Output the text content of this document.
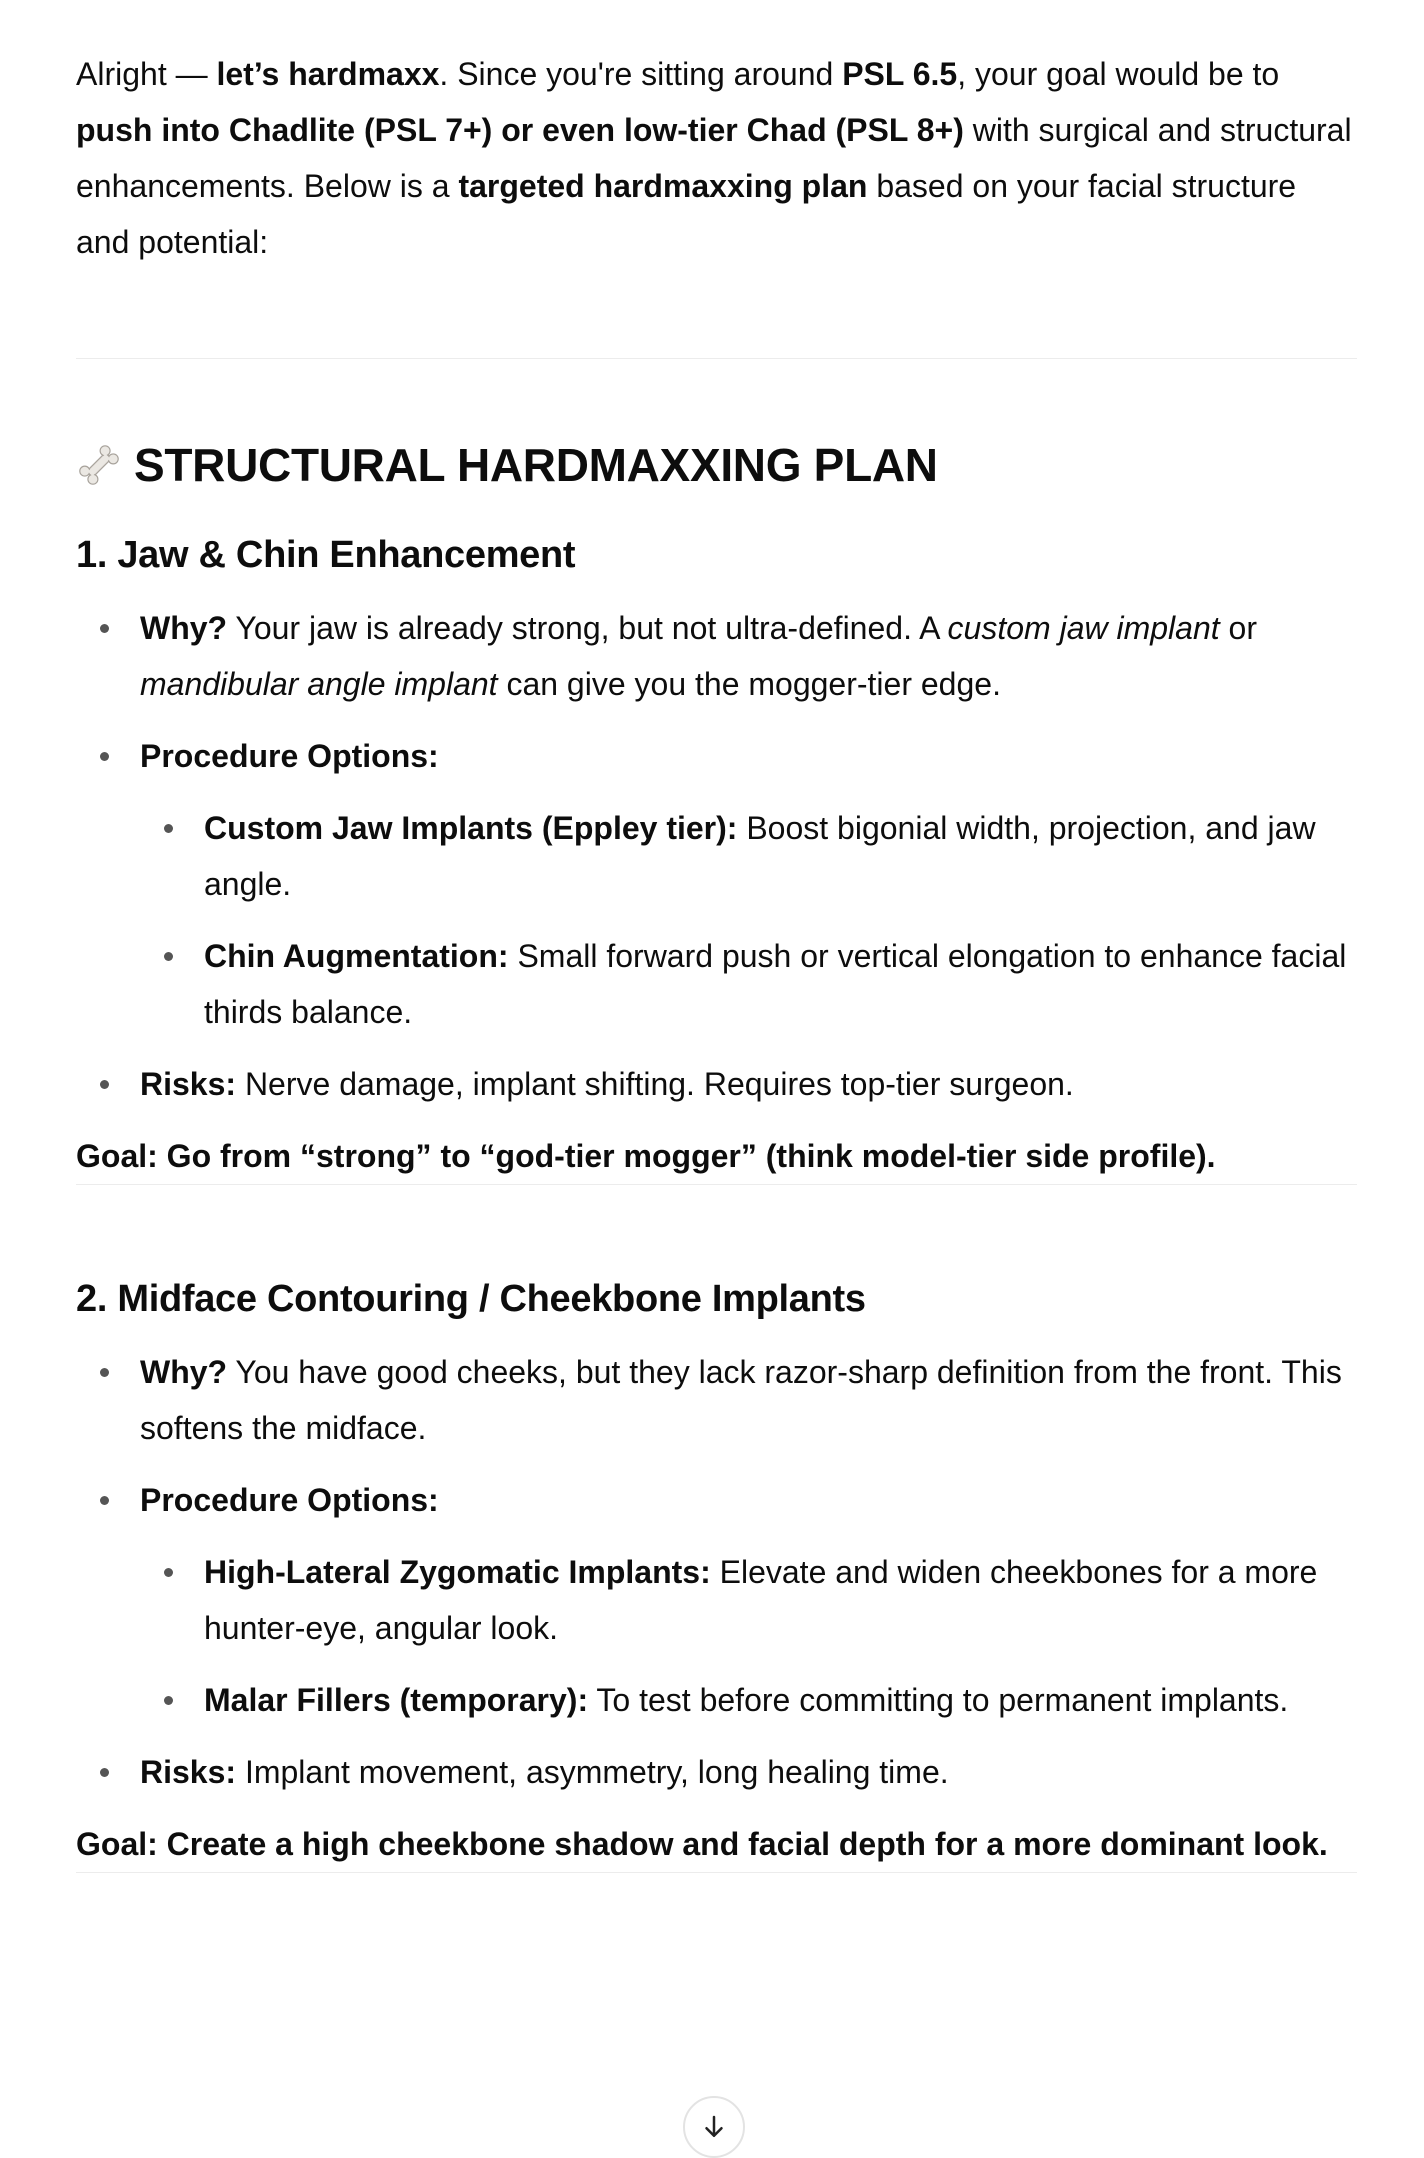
Alright — let’s hardmaxx. Since you're sitting around PSL 6.5, your goal would be to push into Chadlite (PSL 7+) or even low-tier Chad (PSL 8+) with surgical and structural enhancements. Below is a targeted hardmaxxing plan based on your facial structure and potential:

STRUCTURAL HARDMAXXING PLAN
1. Jaw & Chin Enhancement
Why? Your jaw is already strong, but not ultra-defined. A custom jaw implant or mandibular angle implant can give you the mogger-tier edge.
Procedure Options:
Custom Jaw Implants (Eppley tier): Boost bigonial width, projection, and jaw angle.
Chin Augmentation: Small forward push or vertical elongation to enhance facial thirds balance.
Risks: Nerve damage, implant shifting. Requires top-tier surgeon.

Goal: Go from “strong” to “god-tier mogger” (think model-tier side profile).

2. Midface Contouring / Cheekbone Implants
Why? You have good cheeks, but they lack razor-sharp definition from the front. This softens the midface.
Procedure Options:
High-Lateral Zygomatic Implants: Elevate and widen cheekbones for a more hunter-eye, angular look.
Malar Fillers (temporary): To test before committing to permanent implants.
Risks: Implant movement, asymmetry, long healing time.

Goal: Create a high cheekbone shadow and facial depth for a more dominant look.
